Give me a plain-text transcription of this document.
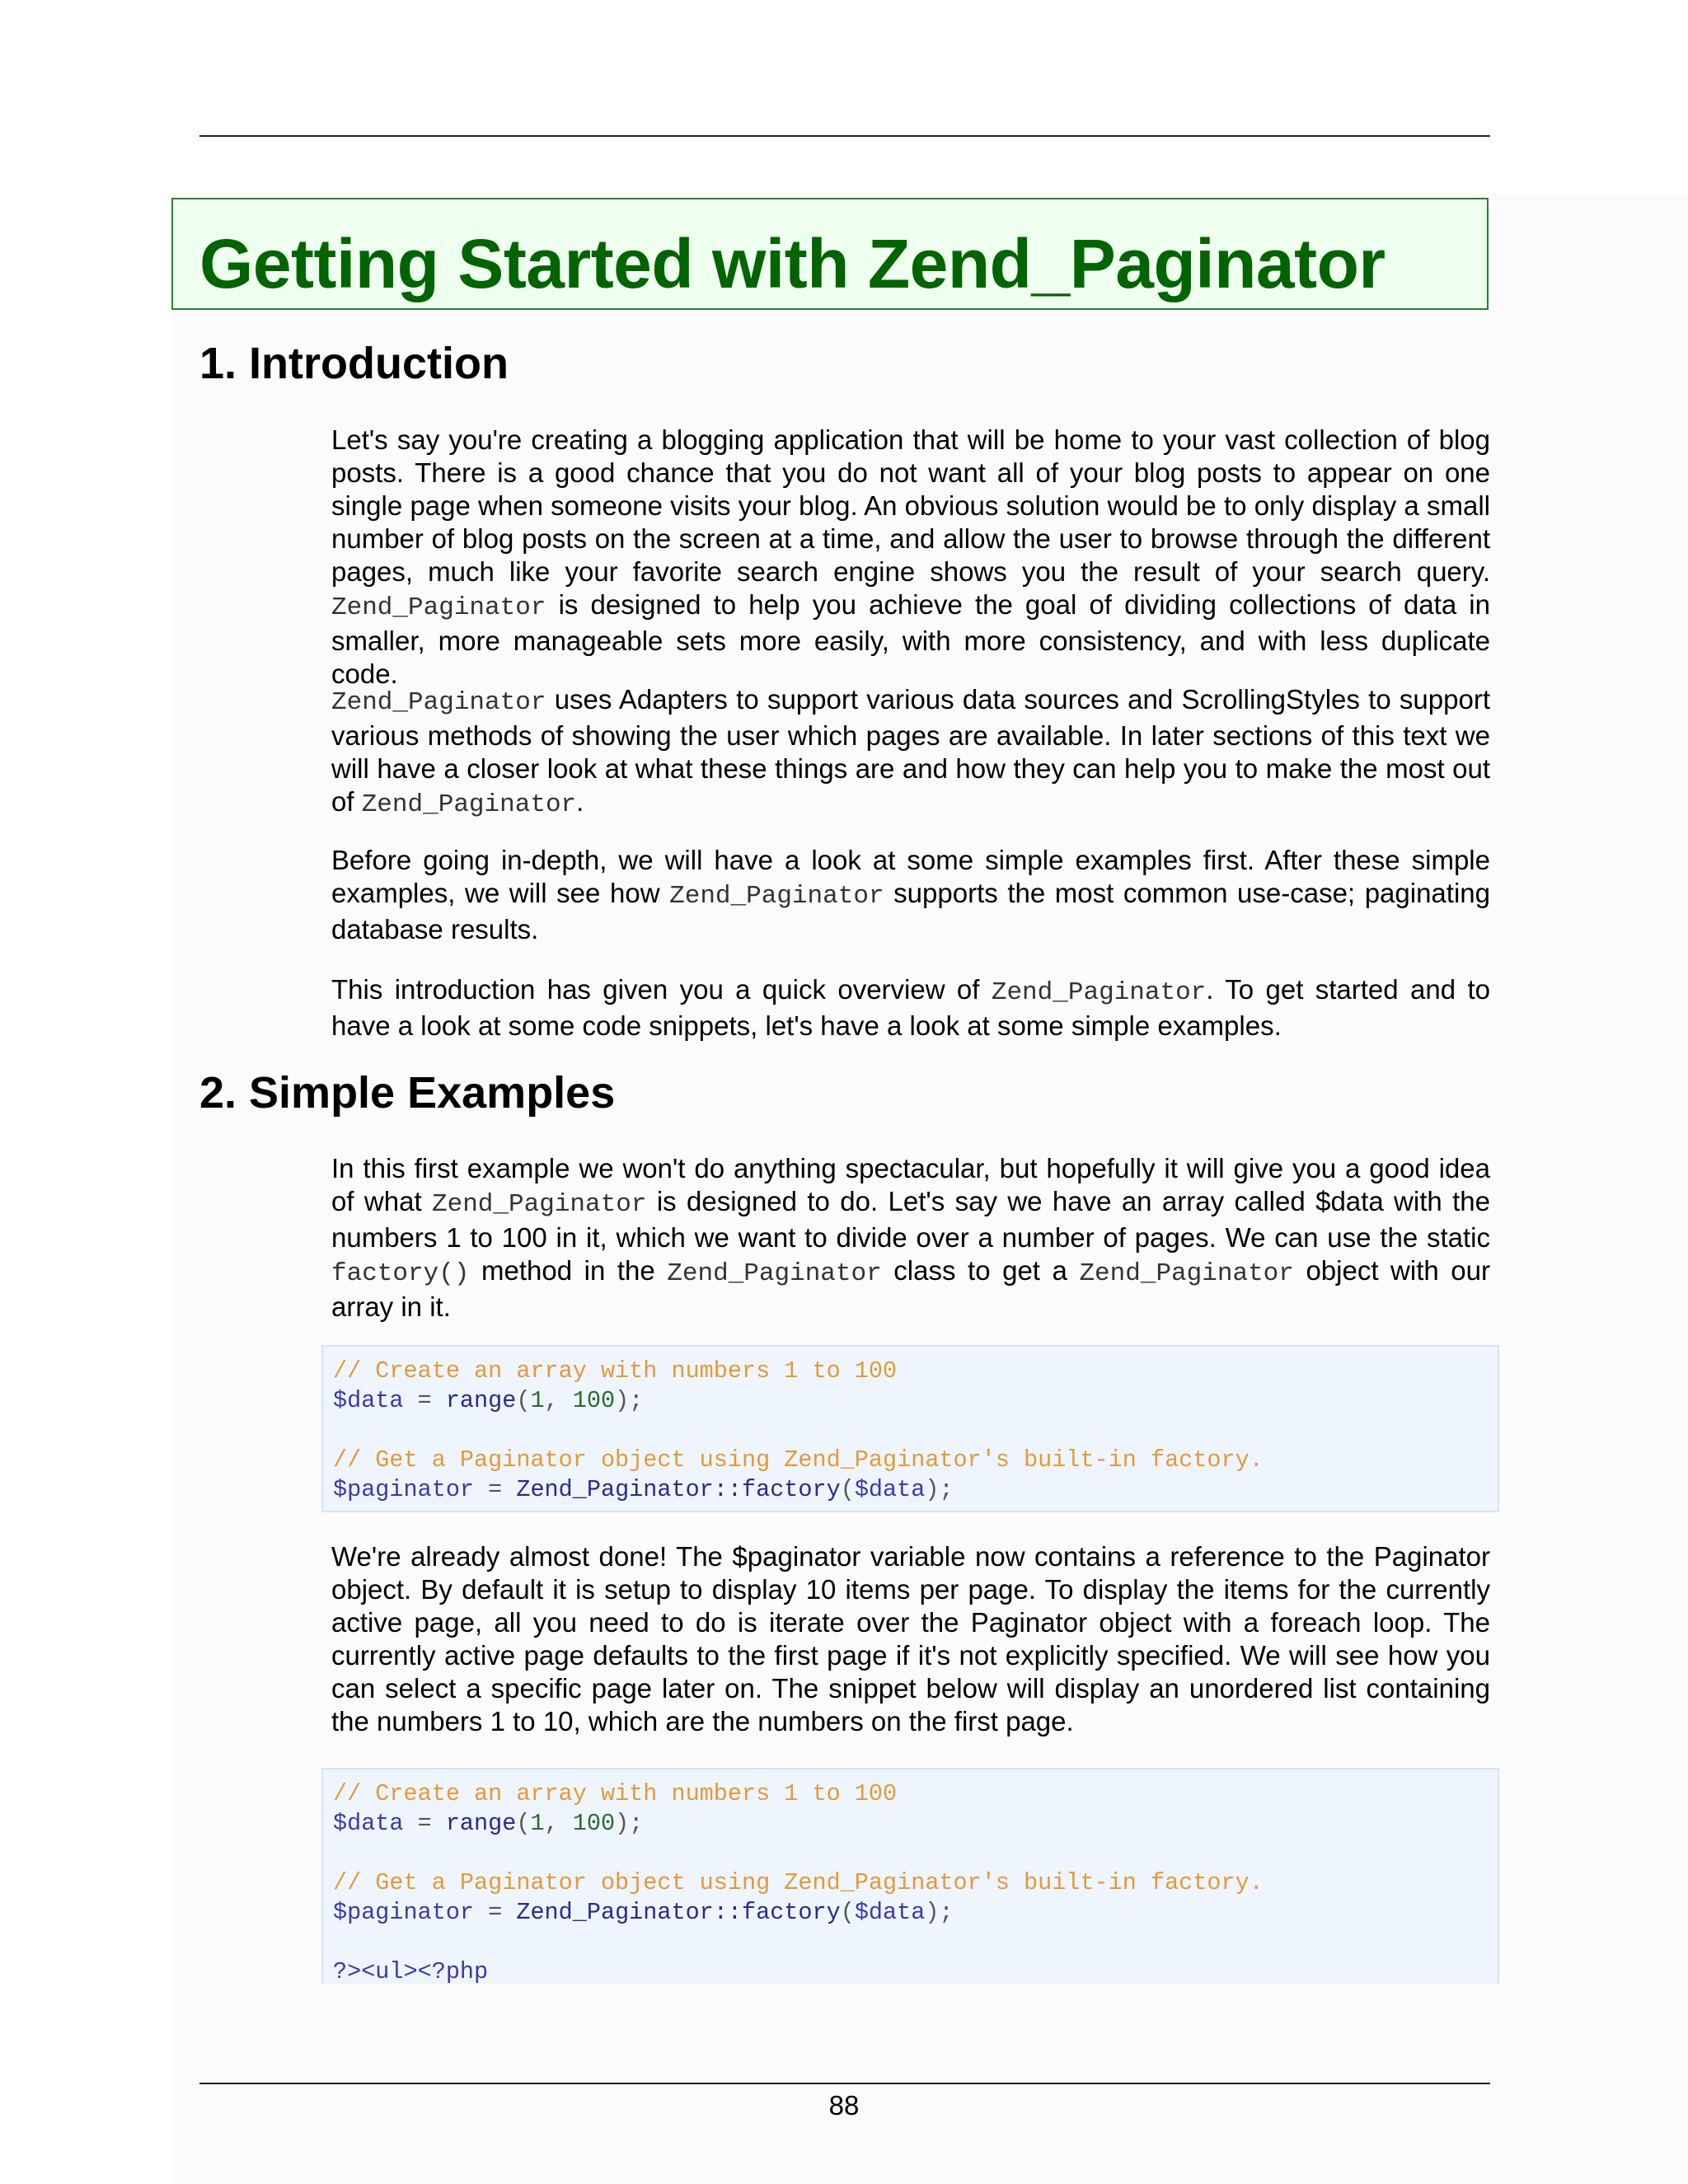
Getting Started with Zend_Paginator
1. Introduction

Let's say you're creating a blogging application that will be home to your vast collection of blog posts. There is a good chance that you do not want all of your blog posts to appear on one single page when someone visits your blog. An obvious solution would be to only display a small number of blog posts on the screen at a time, and allow the user to browse through the different pages, much like your favorite search engine shows you the result of your search query. Zend_Paginator is designed to help you achieve the goal of dividing collections of data in smaller, more manageable sets more easily, with more consistency, and with less duplicate code.

Zend_Paginator uses Adapters to support various data sources and ScrollingStyles to support various methods of showing the user which pages are available. In later sections of this text we will have a closer look at what these things are and how they can help you to make the most out of Zend_Paginator.

Before going in-depth, we will have a look at some simple examples first. After these simple examples, we will see how Zend_Paginator supports the most common use-case; paginating database results.

This introduction has given you a quick overview of Zend_Paginator. To get started and to have a look at some code snippets, let's have a look at some simple examples.

2. Simple Examples

In this first example we won't do anything spectacular, but hopefully it will give you a good idea of what Zend_Paginator is designed to do. Let's say we have an array called $data with the numbers 1 to 100 in it, which we want to divide over a number of pages. We can use the static factory() method in the Zend_Paginator class to get a Zend_Paginator object with our array in it.

// Create an array with numbers 1 to 100
$data = range(1, 100);

// Get a Paginator object using Zend_Paginator's built-in factory.
$paginator = Zend_Paginator::factory($data);

We're already almost done! The $paginator variable now contains a reference to the Paginator object. By default it is setup to display 10 items per page. To display the items for the currently active page, all you need to do is iterate over the Paginator object with a foreach loop. The currently active page defaults to the first page if it's not explicitly specified. We will see how you can select a specific page later on. The snippet below will display an unordered list containing the numbers 1 to 10, which are the numbers on the first page.

// Create an array with numbers 1 to 100
$data = range(1, 100);

// Get a Paginator object using Zend_Paginator's built-in factory.
$paginator = Zend_Paginator::factory($data);

?><ul><?php
88
